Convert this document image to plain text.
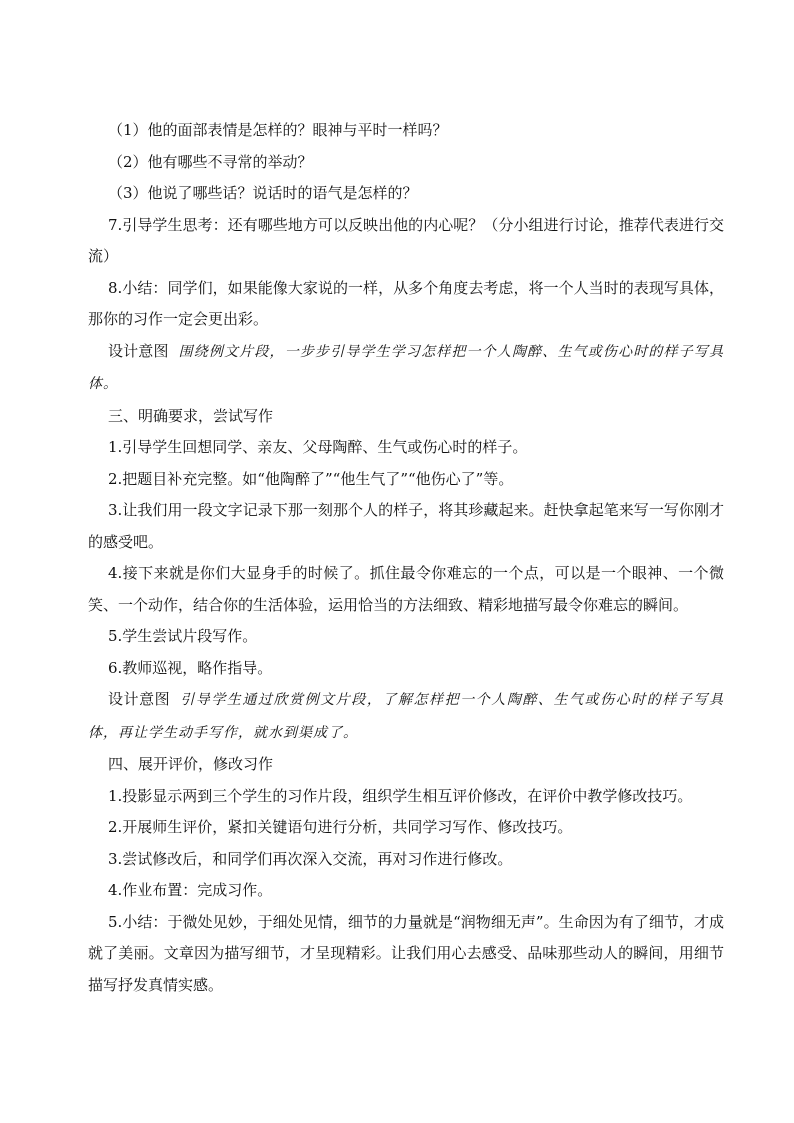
（1）他的面部表情是怎样的？眼神与平时一样吗？

（2）他有哪些不寻常的举动？

（3）他说了哪些话？说话时的语气是怎样的？

7.引导学生思考：还有哪些地方可以反映出他的内心呢？（分小组进行讨论，推荐代表进行交流）

8.小结：同学们，如果能像大家说的一样，从多个角度去考虑，将一个人当时的表现写具体，那你的习作一定会更出彩。

设计意图 围绕例文片段，一步步引导学生学习怎样把一个人陶醉、生气或伤心时的样子写具体。

三、明确要求，尝试写作

1.引导学生回想同学、亲友、父母陶醉、生气或伤心时的样子。

2.把题目补充完整。如“他陶醉了”“他生气了”“他伤心了”等。

3.让我们用一段文字记录下那一刻那个人的样子，将其珍藏起来。赶快拿起笔来写一写你刚才的感受吧。

4.接下来就是你们大显身手的时候了。抓住最令你难忘的一个点，可以是一个眼神、一个微笑、一个动作，结合你的生活体验，运用恰当的方法细致、精彩地描写最令你难忘的瞬间。

5.学生尝试片段写作。

6.教师巡视，略作指导。

设计意图 引导学生通过欣赏例文片段，了解怎样把一个人陶醉、生气或伤心时的样子写具体，再让学生动手写作，就水到渠成了。

四、展开评价，修改习作

1.投影显示两到三个学生的习作片段，组织学生相互评价修改，在评价中教学修改技巧。

2.开展师生评价，紧扣关键语句进行分析，共同学习写作、修改技巧。

3.尝试修改后，和同学们再次深入交流，再对习作进行修改。

4.作业布置：完成习作。

5.小结：于微处见妙，于细处见情，细节的力量就是“润物细无声”。生命因为有了细节，才成就了美丽。文章因为描写细节，才呈现精彩。让我们用心去感受、品味那些动人的瞬间，用细节描写抒发真情实感。
